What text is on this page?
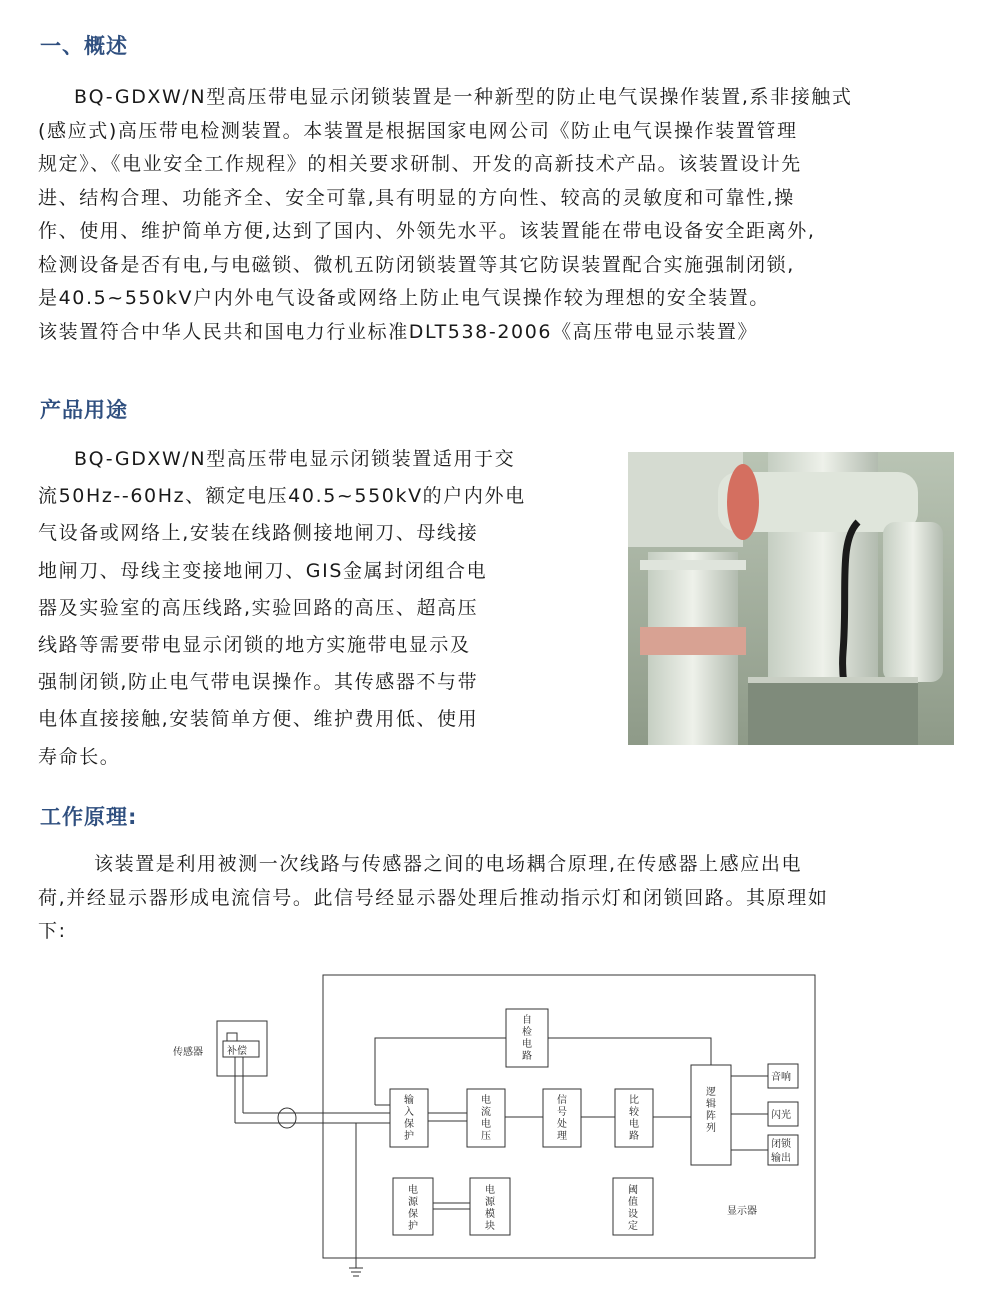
一、概述
BQ-GDXW/N型高压带电显示闭锁装置是一种新型的防止电气误操作装置,系非接触式
(感应式)高压带电检测装置。本装置是根据国家电网公司《防止电气误操作装置管理
规定》、《电业安全工作规程》的相关要求研制、开发的高新技术产品。该装置设计先
进、结构合理、功能齐全、安全可靠,具有明显的方向性、较高的灵敏度和可靠性,操
作、使用、维护简单方便,达到了国内、外领先水平。该装置能在带电设备安全距离外,
检测设备是否有电,与电磁锁、微机五防闭锁装置等其它防误装置配合实施强制闭锁,
是40.5~550kV户内外电气设备或网络上防止电气误操作较为理想的安全装置。
该装置符合中华人民共和国电力行业标准DLT538-2006《高压带电显示装置》
产品用途
BQ-GDXW/N型高压带电显示闭锁装置适用于交
流50Hz--60Hz、额定电压40.5~550kV的户内外电
气设备或网络上,安装在线路侧接地闸刀、母线接
地闸刀、母线主变接地闸刀、GIS金属封闭组合电
器及实验室的高压线路,实验回路的高压、超高压
线路等需要带电显示闭锁的地方实施带电显示及
强制闭锁,防止电气带电误操作。其传感器不与带
电体直接接触,安装简单方便、维护费用低、使用
寿命长。
工作原理:
该装置是利用被测一次线路与传感器之间的电场耦合原理,在传感器上感应出电
荷,并经显示器形成电流信号。此信号经显示器处理后推动指示灯和闭锁回路。其原理如
下:
传感器 补偿
显示器
音响
闪光
闭锁
输出
自检电路
输入保护
电流电压
信号处理
比较电路
逻辑阵列
电源保护
电源模块
阈值设定
